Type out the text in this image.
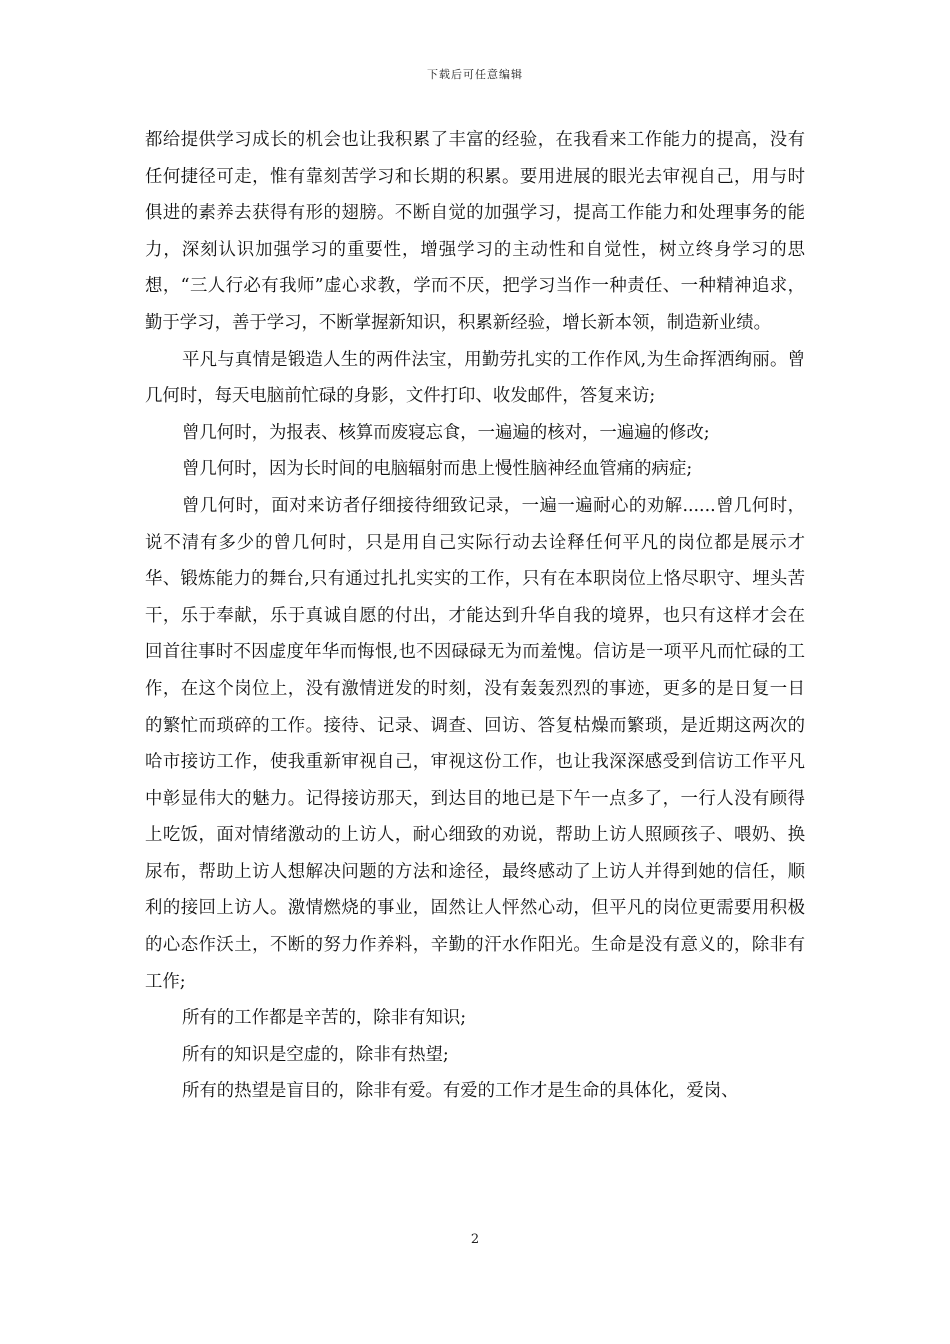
下载后可任意编辑

都给提供学习成长的机会也让我积累了丰富的经验，在我看来工作能力的提高，没有任何捷径可走，惟有靠刻苦学习和长期的积累。要用进展的眼光去审视自己，用与时俱进的素养去获得有形的翅膀。不断自觉的加强学习，提高工作能力和处理事务的能力，深刻认识加强学习的重要性，增强学习的主动性和自觉性，树立终身学习的思想，“三人行必有我师”虚心求教，学而不厌，把学习当作一种责任、一种精神追求，勤于学习，善于学习，不断掌握新知识，积累新经验，增长新本领，制造新业绩。

平凡与真情是锻造人生的两件法宝，用勤劳扎实的工作作风,为生命挥洒绚丽。曾几何时，每天电脑前忙碌的身影，文件打印、收发邮件，答复来访;

曾几何时，为报表、核算而废寝忘食，一遍遍的核对，一遍遍的修改;

曾几何时，因为长时间的电脑辐射而患上慢性脑神经血管痛的病症;

曾几何时，面对来访者仔细接待细致记录，一遍一遍耐心的劝解......曾几何时，说不清有多少的曾几何时，只是用自己实际行动去诠释任何平凡的岗位都是展示才华、锻炼能力的舞台,只有通过扎扎实实的工作，只有在本职岗位上恪尽职守、埋头苦干，乐于奉献，乐于真诚自愿的付出，才能达到升华自我的境界，也只有这样才会在回首往事时不因虚度年华而悔恨,也不因碌碌无为而羞愧。信访是一项平凡而忙碌的工作，在这个岗位上，没有激情迸发的时刻，没有轰轰烈烈的事迹，更多的是日复一日的繁忙而琐碎的工作。接待、记录、调查、回访、答复枯燥而繁琐，是近期这两次的哈市接访工作，使我重新审视自己，审视这份工作，也让我深深感受到信访工作平凡中彰显伟大的魅力。记得接访那天，到达目的地已是下午一点多了，一行人没有顾得上吃饭，面对情绪激动的上访人，耐心细致的劝说，帮助上访人照顾孩子、喂奶、换尿布，帮助上访人想解决问题的方法和途径，最终感动了上访人并得到她的信任，顺利的接回上访人。激情燃烧的事业，固然让人怦然心动，但平凡的岗位更需要用积极的心态作沃土，不断的努力作养料，辛勤的汗水作阳光。生命是没有意义的，除非有工作;

所有的工作都是辛苦的，除非有知识;

所有的知识是空虚的，除非有热望;

所有的热望是盲目的，除非有爱。有爱的工作才是生命的具体化，爱岗、

2
